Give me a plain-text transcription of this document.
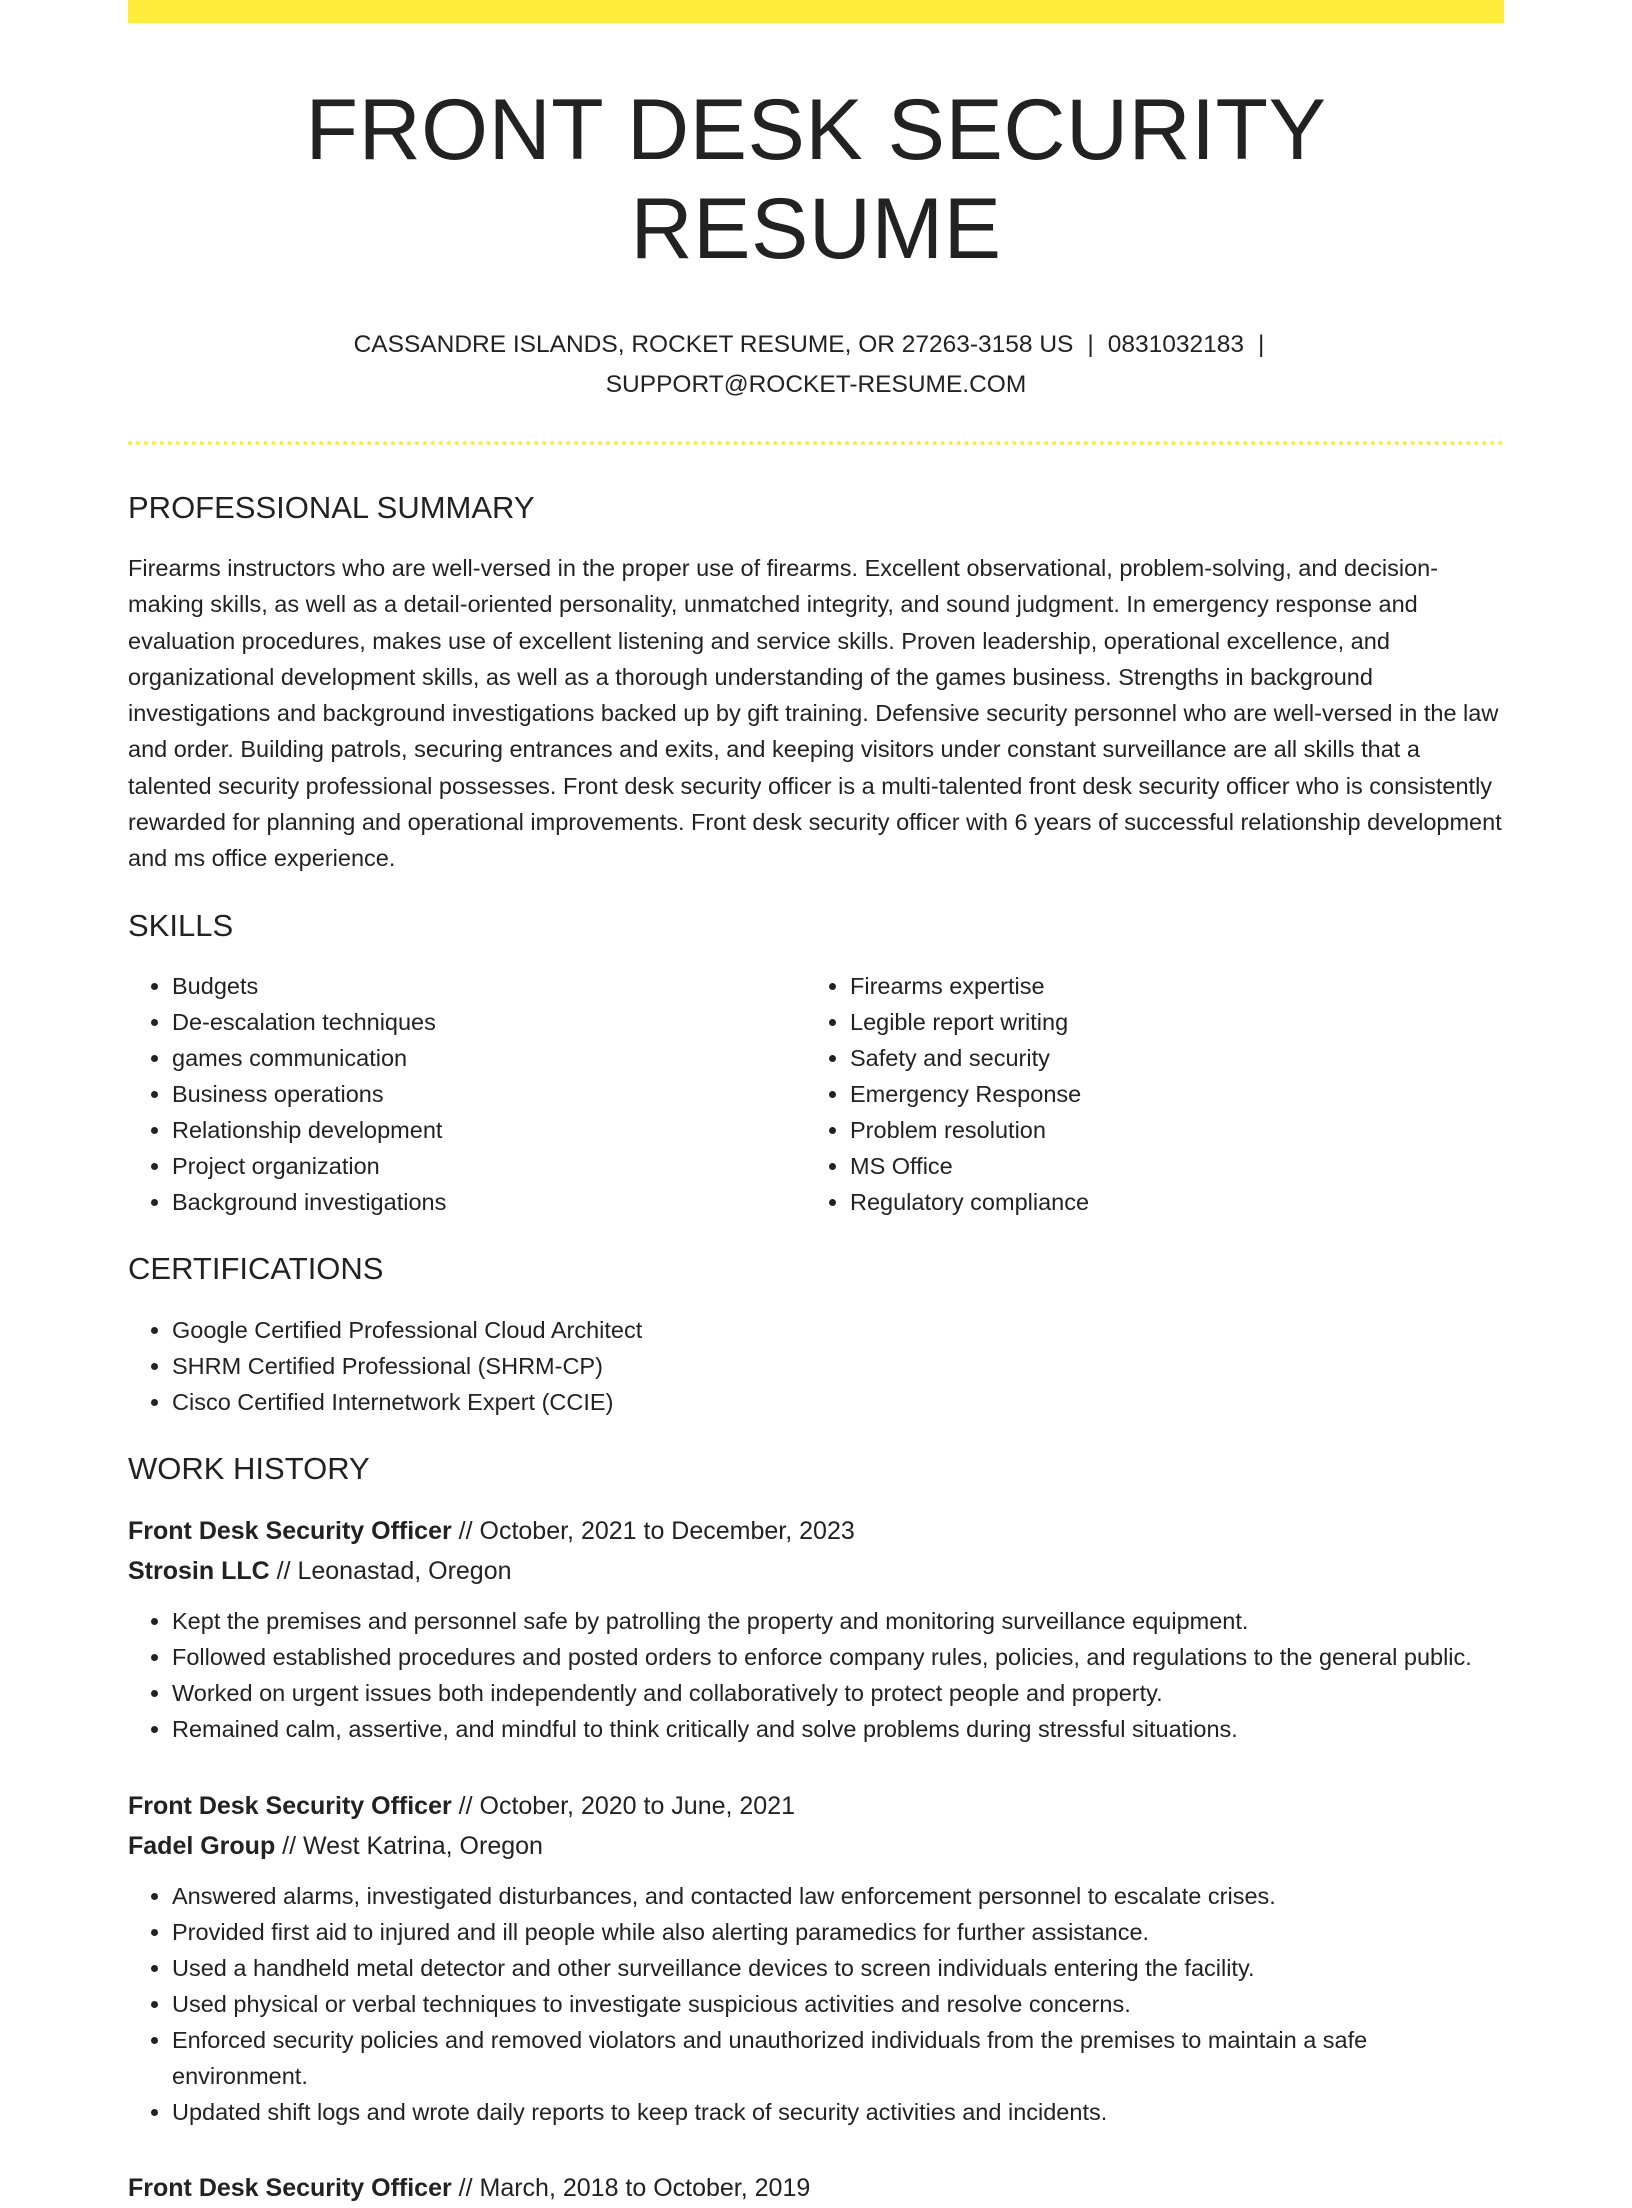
FRONT DESK SECURITY RESUME
CASSANDRE ISLANDS, ROCKET RESUME, OR 27263-3158 US | 0831032183 |
SUPPORT@ROCKET-RESUME.COM
PROFESSIONAL SUMMARY

Firearms instructors who are well-versed in the proper use of firearms. Excellent observational, problem-solving, and decision-making skills, as well as a detail-oriented personality, unmatched integrity, and sound judgment. In emergency response and evaluation procedures, makes use of excellent listening and service skills. Proven leadership, operational excellence, and organizational development skills, as well as a thorough understanding of the games business. Strengths in background investigations and background investigations backed up by gift training. Defensive security personnel who are well-versed in the law and order. Building patrols, securing entrances and exits, and keeping visitors under constant surveillance are all skills that a talented security professional possesses. Front desk security officer is a multi-talented front desk security officer who is consistently rewarded for planning and operational improvements. Front desk security officer with 6 years of successful relationship development and ms office experience.

SKILLS
• Budgets
• De-escalation techniques
• games communication
• Business operations
• Relationship development
• Project organization
• Background investigations
• Firearms expertise
• Legible report writing
• Safety and security
• Emergency Response
• Problem resolution
• MS Office
• Regulatory compliance
CERTIFICATIONS
• Google Certified Professional Cloud Architect
• SHRM Certified Professional (SHRM-CP)
• Cisco Certified Internetwork Expert (CCIE)
WORK HISTORY
Front Desk Security Officer // October, 2021 to December, 2023
Strosin LLC // Leonastad, Oregon
• Kept the premises and personnel safe by patrolling the property and monitoring surveillance equipment.
• Followed established procedures and posted orders to enforce company rules, policies, and regulations to the general public.
• Worked on urgent issues both independently and collaboratively to protect people and property.
• Remained calm, assertive, and mindful to think critically and solve problems during stressful situations.
Front Desk Security Officer // October, 2020 to June, 2021
Fadel Group // West Katrina, Oregon
• Answered alarms, investigated disturbances, and contacted law enforcement personnel to escalate crises.
• Provided first aid to injured and ill people while also alerting paramedics for further assistance.
• Used a handheld metal detector and other surveillance devices to screen individuals entering the facility.
• Used physical or verbal techniques to investigate suspicious activities and resolve concerns.
• Enforced security policies and removed violators and unauthorized individuals from the premises to maintain a safe environment.
• Updated shift logs and wrote daily reports to keep track of security activities and incidents.
Front Desk Security Officer // March, 2018 to October, 2019
